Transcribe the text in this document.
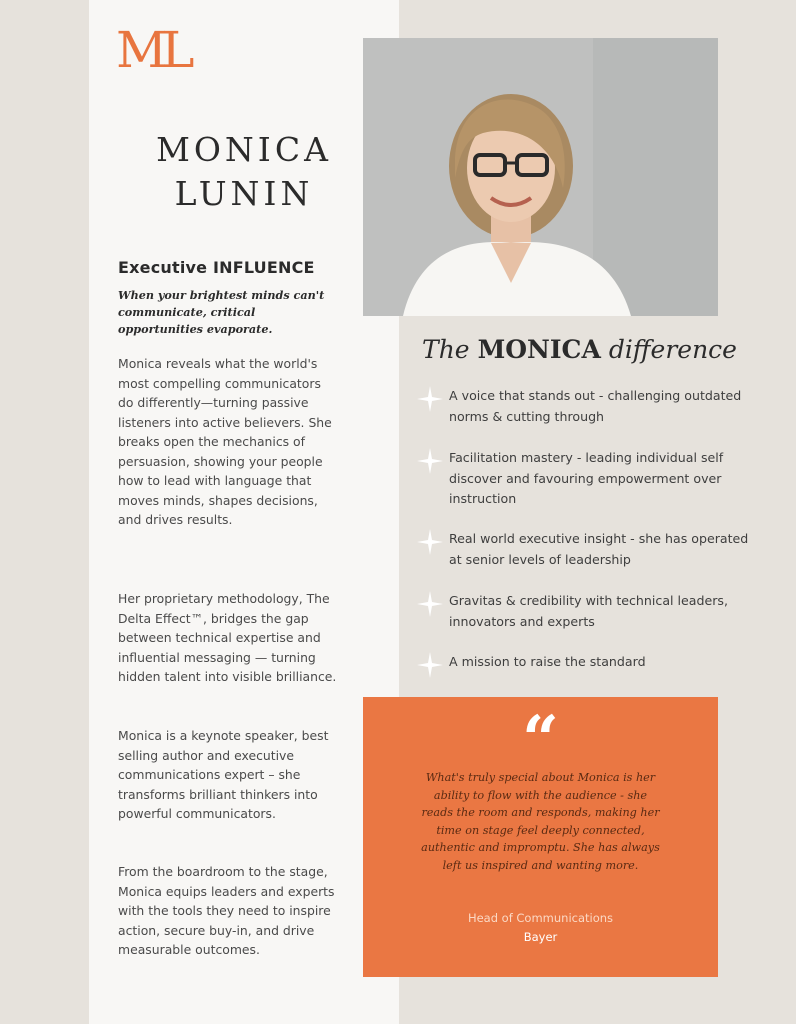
ML
MONICA
LUNIN
Executive INFLUENCE
When your brightest minds can't communicate, critical opportunities evaporate.
Monica reveals what the world's most compelling communicators do differently—turning passive listeners into active believers. She breaks open the mechanics of persuasion, showing your people how to lead with language that moves minds, shapes decisions, and drives results.
Her proprietary methodology, The Delta Effect™, bridges the gap between technical expertise and influential messaging — turning hidden talent into visible brilliance.
Monica is a keynote speaker, best selling author and executive communications expert – she transforms brilliant thinkers into powerful communicators.
From the boardroom to the stage, Monica equips leaders and experts with the tools they need to inspire action, secure buy-in, and drive measurable outcomes.
The MONICA difference
A voice that stands out - challenging outdated norms & cutting through
Facilitation mastery - leading individual self discover and favouring empowerment over instruction
Real world executive insight - she has operated at senior levels of leadership
Gravitas & credibility with technical leaders, innovators and experts
A mission to raise the standard
“
What's truly special about Monica is her ability to flow with the audience - she reads the room and responds, making her time on stage feel deeply connected, authentic and impromptu. She has always left us inspired and wanting more.
Head of Communications
Bayer
